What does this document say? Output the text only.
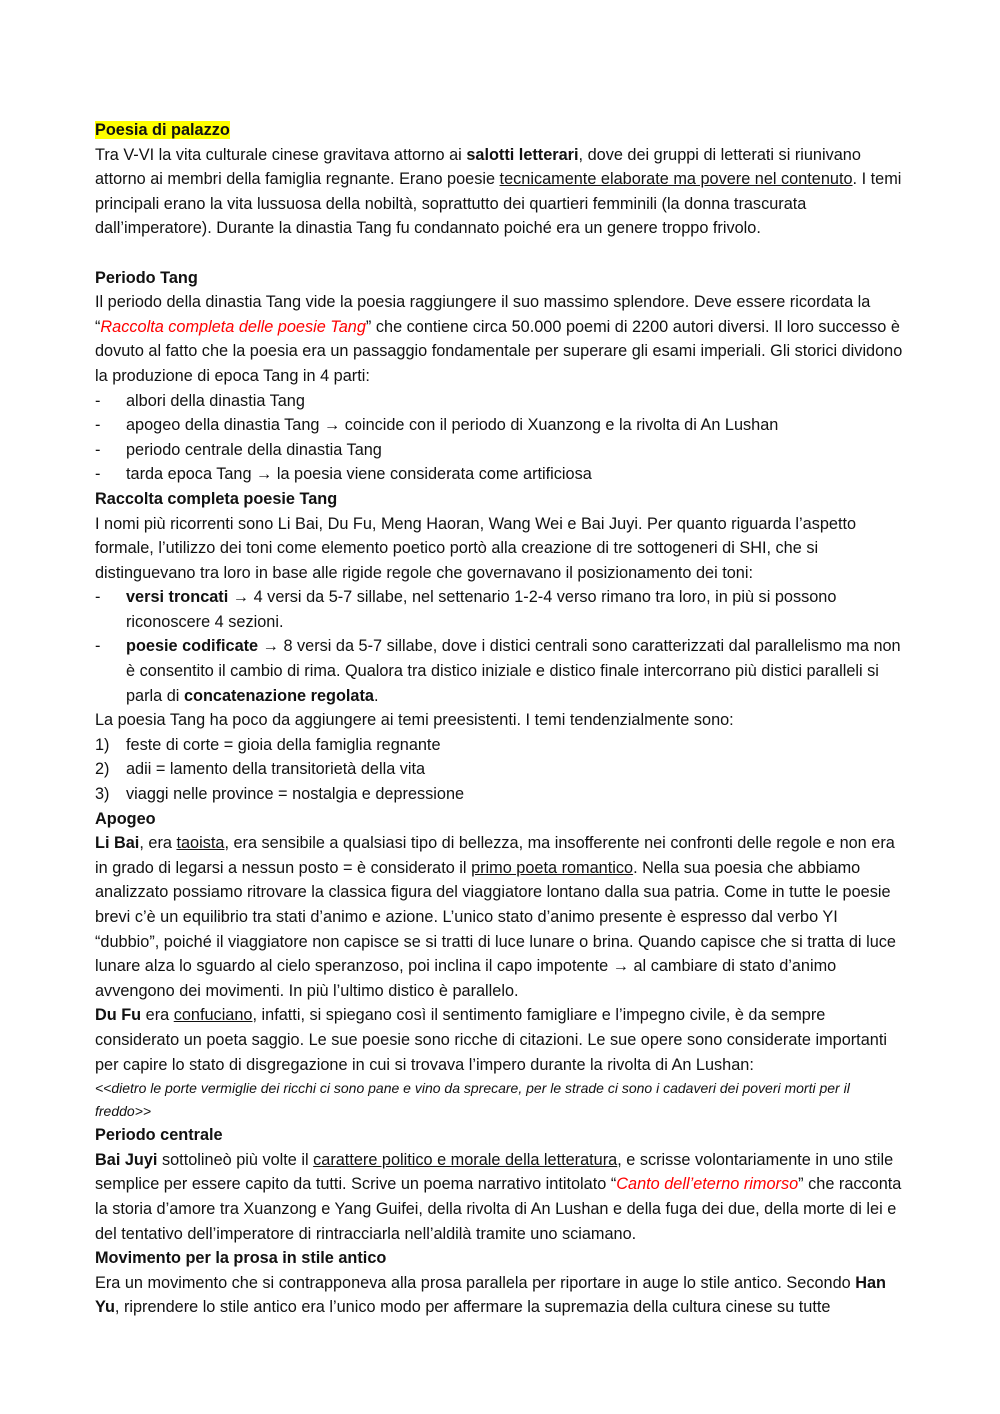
Poesia di palazzo

Tra V-VI la vita culturale cinese gravitava attorno ai salotti letterari, dove dei gruppi di letterati si riunivano attorno ai membri della famiglia regnante. Erano poesie tecnicamente elaborate ma povere nel contenuto. I temi principali erano la vita lussuosa della nobiltà, soprattutto dei quartieri femminili (la donna trascurata dall’imperatore). Durante la dinastia Tang fu condannato poiché era un genere troppo frivolo.

Periodo Tang

Il periodo della dinastia Tang vide la poesia raggiungere il suo massimo splendore. Deve essere ricordata la “Raccolta completa delle poesie Tang” che contiene circa 50.000 poemi di 2200 autori diversi. Il loro successo è dovuto al fatto che la poesia era un passaggio fondamentale per superare gli esami imperiali. Gli storici dividono la produzione di epoca Tang in 4 parti:

-	albori della dinastia Tang
-	apogeo della dinastia Tang → coincide con il periodo di Xuanzong e la rivolta di An Lushan
-	periodo centrale della dinastia Tang
-	tarda epoca Tang → la poesia viene considerata come artificiosa

Raccolta completa poesie Tang

I nomi più ricorrenti sono Li Bai, Du Fu, Meng Haoran, Wang Wei e Bai Juyi. Per quanto riguarda l’aspetto formale, l’utilizzo dei toni come elemento poetico portò alla creazione di tre sottogeneri di SHI, che si distinguevano tra loro in base alle rigide regole che governavano il posizionamento dei toni:

-	versi troncati → 4 versi da 5-7 sillabe, nel settenario 1-2-4 verso rimano tra loro, in più si possono riconoscere 4 sezioni.
-	poesie codificate → 8 versi da 5-7 sillabe, dove i distici centrali sono caratterizzati dal parallelismo ma non è consentito il cambio di rima. Qualora tra distico iniziale e distico finale intercorrano più distici paralleli si parla di concatenazione regolata.

La poesia Tang ha poco da aggiungere ai temi preesistenti. I temi tendenzialmente sono:

1)	feste di corte = gioia della famiglia regnante
2)	adii = lamento della transitorietà della vita
3)	viaggi nelle province = nostalgia e depressione

Apogeo

Li Bai, era taoista, era sensibile a qualsiasi tipo di bellezza, ma insofferente nei confronti delle regole e non era in grado di legarsi a nessun posto = è considerato il primo poeta romantico. Nella sua poesia che abbiamo analizzato possiamo ritrovare la classica figura del viaggiatore lontano dalla sua patria. Come in tutte le poesie brevi c’è un equilibrio tra stati d’animo e azione. L’unico stato d’animo presente è espresso dal verbo YI “dubbio”, poiché il viaggiatore non capisce se si tratti di luce lunare o brina. Quando capisce che si tratta di luce lunare alza lo sguardo al cielo speranzoso, poi inclina il capo impotente → al cambiare di stato d’animo avvengono dei movimenti. In più l’ultimo distico è parallelo.

Du Fu era confuciano, infatti, si spiegano così il sentimento famigliare e l’impegno civile, è da sempre considerato un poeta saggio. Le sue poesie sono ricche di citazioni. Le sue opere sono considerate importanti per capire lo stato di disgregazione in cui si trovava l’impero durante la rivolta di An Lushan:

<<dietro le porte vermiglie dei ricchi ci sono pane e vino da sprecare, per le strade ci sono i cadaveri dei poveri morti per il freddo>>

Periodo centrale

Bai Juyi sottolineò più volte il carattere politico e morale della letteratura, e scrisse volontariamente in uno stile semplice per essere capito da tutti. Scrive un poema narrativo intitolato “Canto dell’eterno rimorso” che racconta la storia d’amore tra Xuanzong e Yang Guifei, della rivolta di An Lushan e della fuga dei due, della morte di lei e del tentativo dell’imperatore di rintracciarla nell’aldilà tramite uno sciamano.

Movimento per la prosa in stile antico

Era un movimento che si contrapponeva alla prosa parallela per riportare in auge lo stile antico. Secondo Han Yu, riprendere lo stile antico era l’unico modo per affermare la supremazia della cultura cinese su tutte
